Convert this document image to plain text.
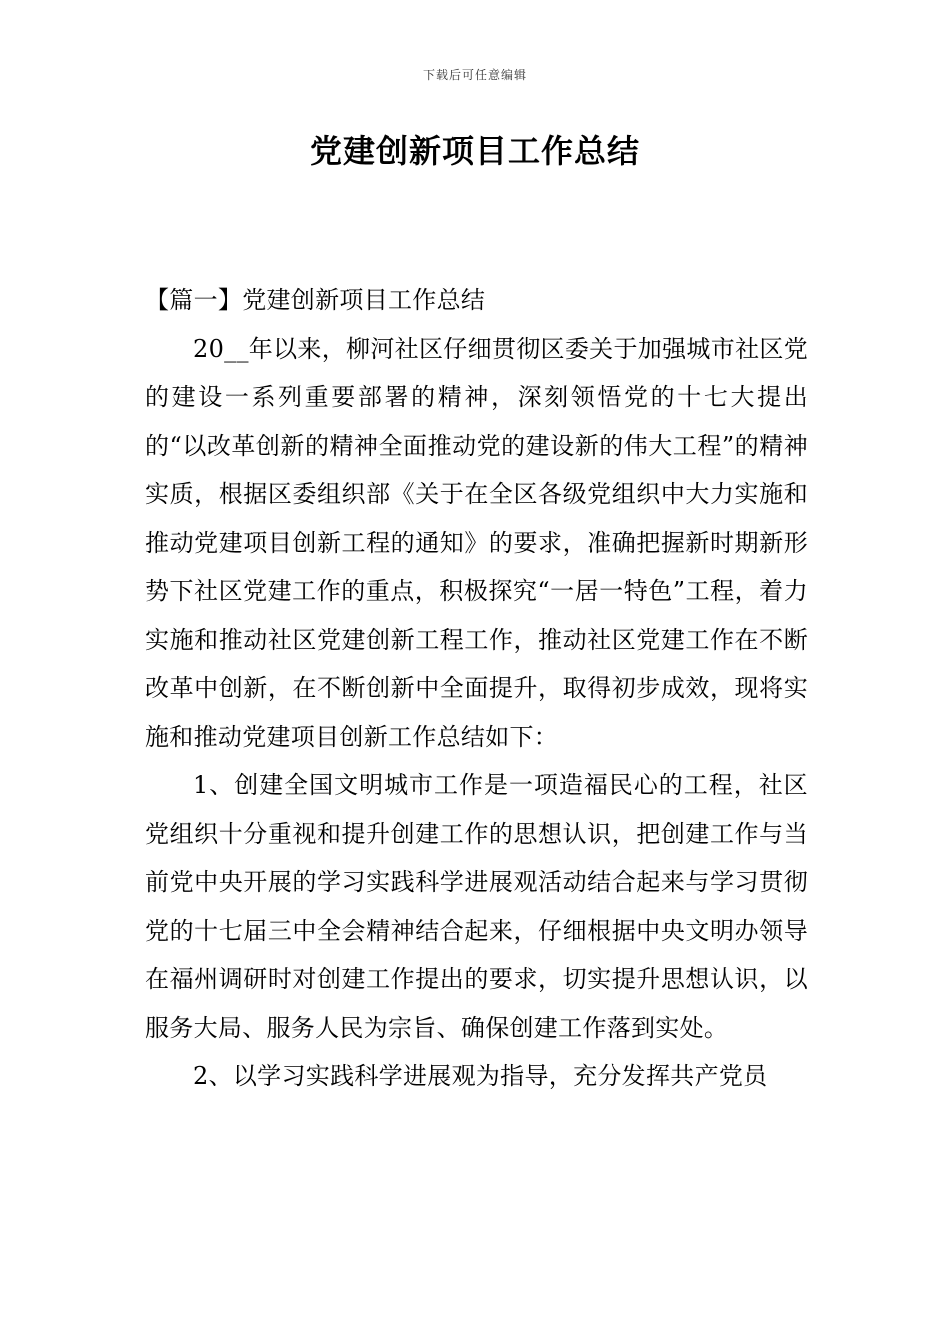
下载后可任意编辑
党建创新项目工作总结

【篇一】党建创新项目工作总结

20__年以来，柳河社区仔细贯彻区委关于加强城市社区党的建设一系列重要部署的精神，深刻领悟党的十七大提出的“以改革创新的精神全面推动党的建设新的伟大工程”的精神实质，根据区委组织部《关于在全区各级党组织中大力实施和推动党建项目创新工程的通知》的要求，准确把握新时期新形势下社区党建工作的重点，积极探究“一居一特色”工程，着力实施和推动社区党建创新工程工作，推动社区党建工作在不断改革中创新，在不断创新中全面提升，取得初步成效，现将实施和推动党建项目创新工作总结如下：

1、创建全国文明城市工作是一项造福民心的工程，社区党组织十分重视和提升创建工作的思想认识，把创建工作与当前党中央开展的学习实践科学进展观活动结合起来与学习贯彻党的十七届三中全会精神结合起来，仔细根据中央文明办领导在福州调研时对创建工作提出的要求，切实提升思想认识，以服务大局、服务人民为宗旨、确保创建工作落到实处。

2、以学习实践科学进展观为指导，充分发挥共产党员
